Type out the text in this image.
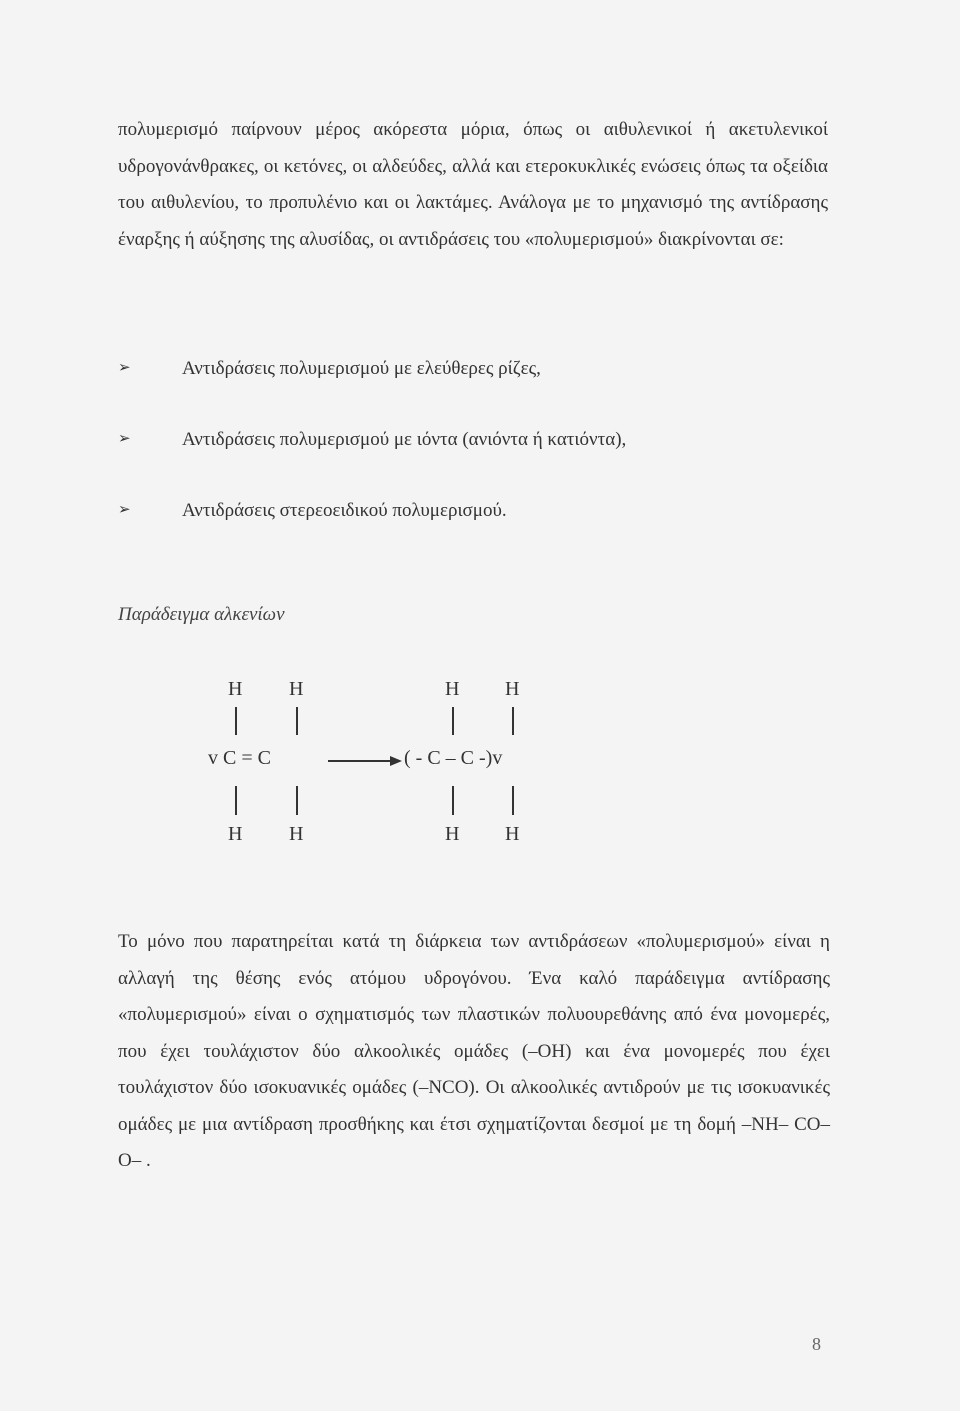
πολυμερισμό παίρνουν μέρος ακόρεστα μόρια, όπως οι αιθυλενικοί ή ακετυλενικοί υδρογονάνθρακες, οι κετόνες, οι αλδεύδες, αλλά και ετεροκυκλικές ενώσεις όπως τα οξείδια του αιθυλενίου, το προπυλένιο και οι λακτάμες. Ανάλογα με το μηχανισμό της αντίδρασης έναρξης ή αύξησης της αλυσίδας, οι αντιδράσεις του «πολυμερισμού» διακρίνονται σε:

➢	Αντιδράσεις πολυμερισμού με ελεύθερες ρίζες,
➢	Αντιδράσεις πολυμερισμού με ιόντα (ανιόντα ή κατιόντα),
➢	Αντιδράσεις στερεοειδικού πολυμερισμού.
Παράδειγμα αλκενίων
H H
v C = C
H H
H H
( - C – C -)v
H H

Το μόνο που παρατηρείται κατά τη διάρκεια των αντιδράσεων «πολυμερισμού» είναι η αλλαγή της θέσης ενός ατόμου υδρογόνου. Ένα καλό παράδειγμα αντίδρασης «πολυμερισμού» είναι ο σχηματισμός των πλαστικών πολυουρεθάνης από ένα μονομερές, που έχει τουλάχιστον δύο αλκοολικές ομάδες (–OH) και ένα μονομερές που έχει τουλάχιστον δύο ισοκυανικές ομάδες (–NCO). Οι αλκοολικές αντιδρούν με τις ισοκυανικές ομάδες με μια αντίδραση προσθήκης και έτσι σχηματίζονται δεσμοί με τη δομή –NH– CO– O– .

8
